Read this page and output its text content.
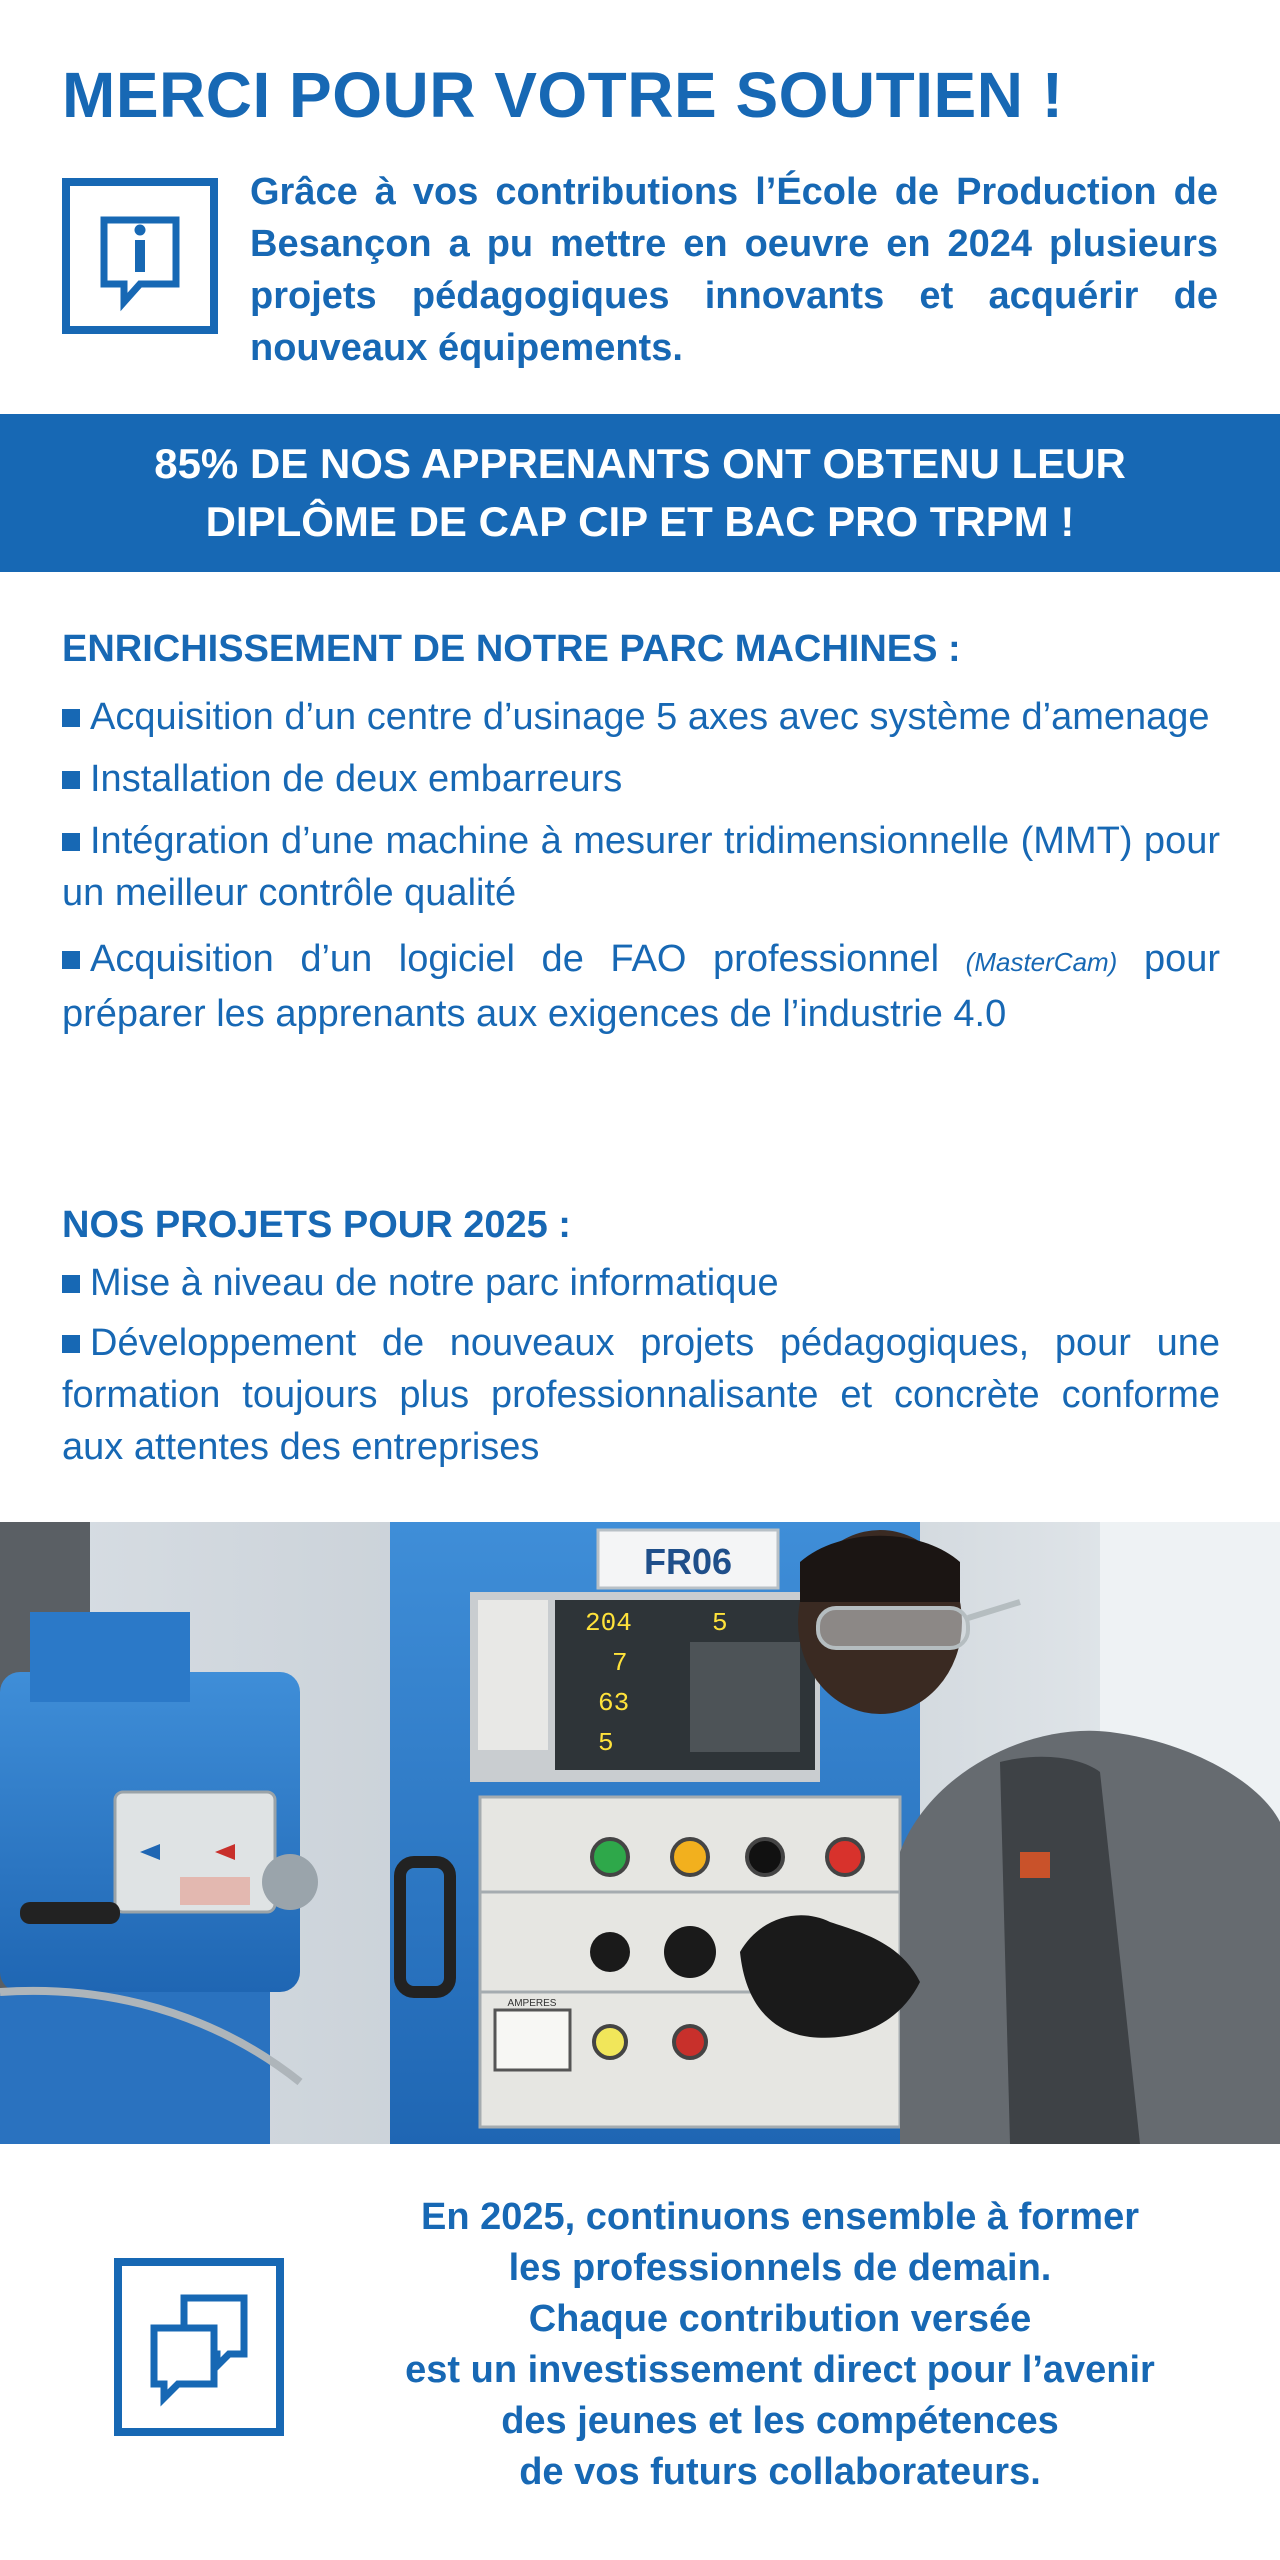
MERCI POUR VOTRE SOUTIEN !

Grâce à vos contributions l’École de Production de Besançon a pu mettre en oeuvre en 2024 plusieurs projets pédagogiques innovants et acquérir de nouveaux équipements.

85% DE NOS APPRENANTS ONT OBTENU LEUR
DIPLÔME DE CAP CIP ET BAC PRO TRPM !

ENRICHISSEMENT DE NOTRE PARC MACHINES :
Acquisition d’un centre d’usinage 5 axes avec système d’amenage
Installation de deux embarreurs
Intégration d’une machine à mesurer tridimensionnelle (MMT) pour un meilleur contrôle qualité
Acquisition d’un logiciel de FAO professionnel (MasterCam) pour préparer les apprenants aux exigences de l’industrie 4.0
NOS PROJETS POUR 2025 :
Mise à niveau de notre parc informatique
Développement de nouveaux projets pédagogiques, pour une formation toujours plus professionnalisante et concrète conforme aux attentes des entreprises
FR06
204	5
7
63
5
AMPERES

En 2025, continuons ensemble à former
les professionnels de demain.
Chaque contribution versée
est un investissement direct pour l’avenir
des jeunes et les compétences
de vos futurs collaborateurs.
